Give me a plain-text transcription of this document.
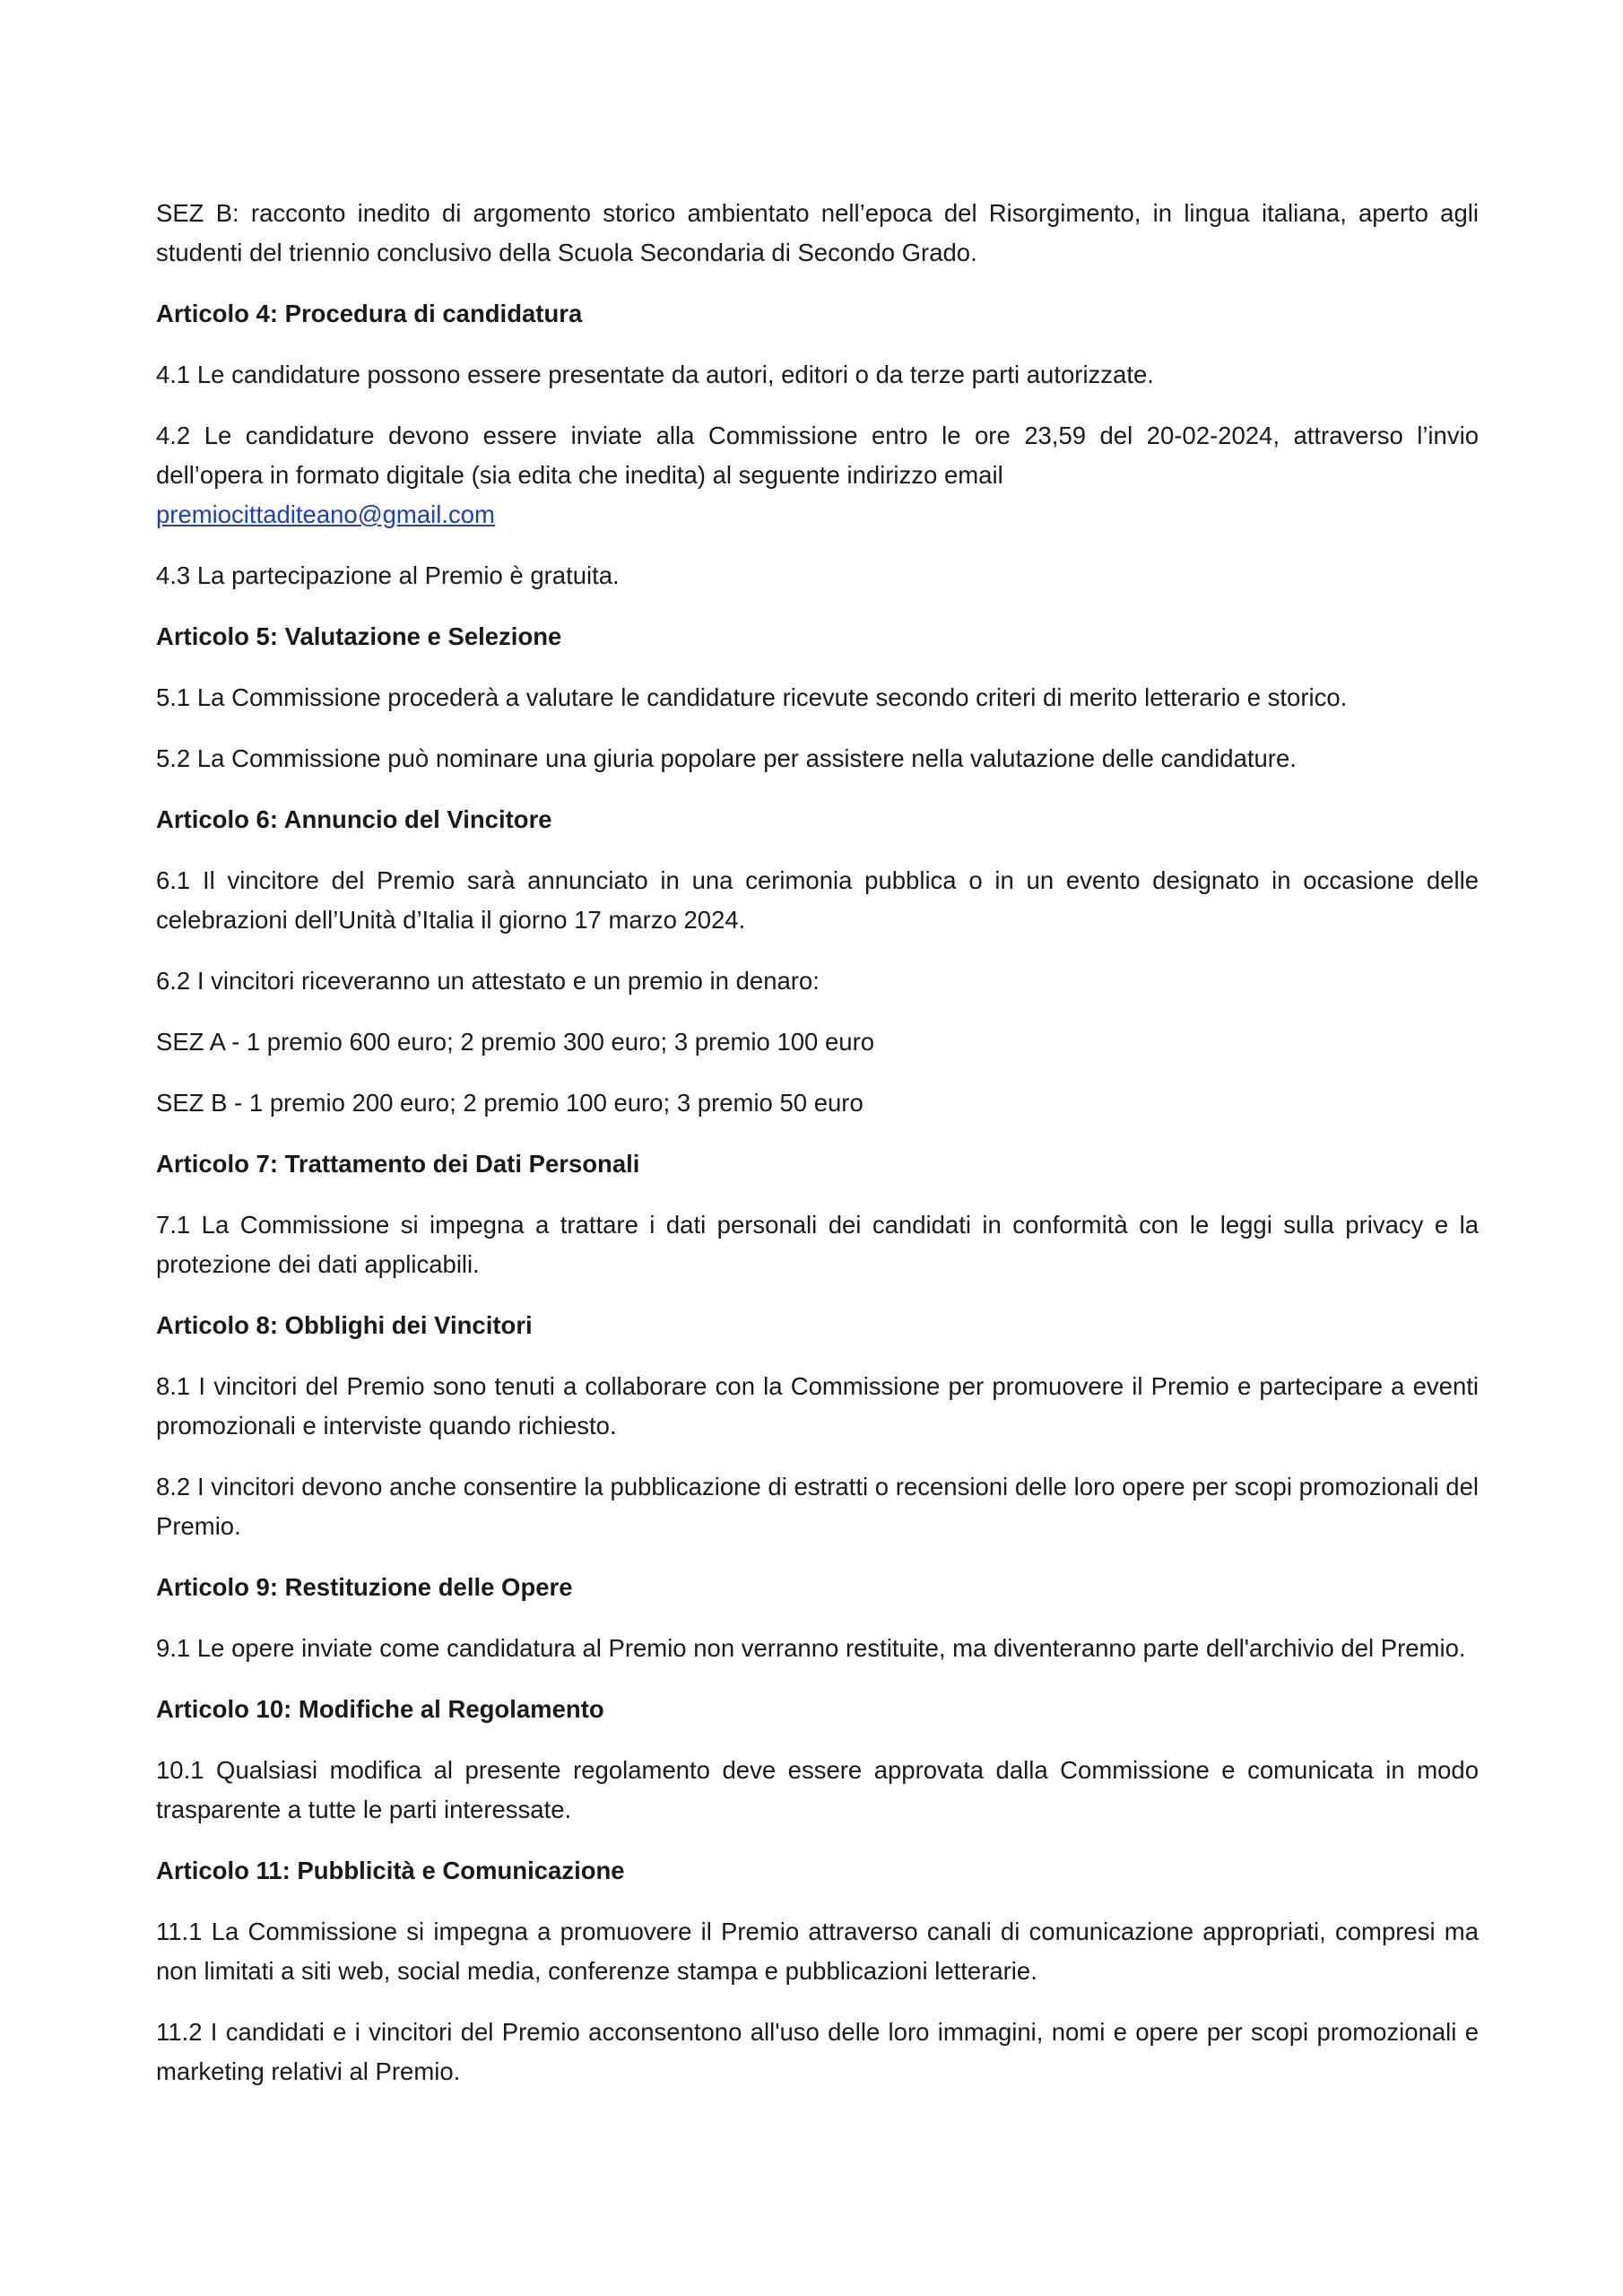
SEZ B: racconto inedito di argomento storico ambientato nell’epoca del Risorgimento, in lingua italiana, aperto agli studenti del triennio conclusivo della Scuola Secondaria di Secondo Grado.

Articolo 4: Procedura di candidatura

4.1 Le candidature possono essere presentate da autori, editori o da terze parti autorizzate.

4.2 Le candidature devono essere inviate alla Commissione entro le ore 23,59 del 20-02-2024, attraverso l’invio dell’opera in formato digitale (sia edita che inedita) al seguente indirizzo email
premiocittaditeano@gmail.com

4.3 La partecipazione al Premio è gratuita.

Articolo 5: Valutazione e Selezione

5.1 La Commissione procederà a valutare le candidature ricevute secondo criteri di merito letterario e storico.

5.2 La Commissione può nominare una giuria popolare per assistere nella valutazione delle candidature.

Articolo 6: Annuncio del Vincitore

6.1 Il vincitore del Premio sarà annunciato in una cerimonia pubblica o in un evento designato in occasione delle celebrazioni dell’Unità d’Italia il giorno 17 marzo 2024.

6.2 I vincitori riceveranno un attestato e un premio in denaro:

SEZ A - 1 premio 600 euro; 2 premio 300 euro; 3 premio 100 euro

SEZ B - 1 premio 200 euro; 2 premio 100 euro; 3 premio 50 euro

Articolo 7: Trattamento dei Dati Personali

7.1 La Commissione si impegna a trattare i dati personali dei candidati in conformità con le leggi sulla privacy e la protezione dei dati applicabili.

Articolo 8: Obblighi dei Vincitori

8.1 I vincitori del Premio sono tenuti a collaborare con la Commissione per promuovere il Premio e partecipare a eventi promozionali e interviste quando richiesto.

8.2 I vincitori devono anche consentire la pubblicazione di estratti o recensioni delle loro opere per scopi promozionali del Premio.

Articolo 9: Restituzione delle Opere

9.1 Le opere inviate come candidatura al Premio non verranno restituite, ma diventeranno parte dell'archivio del Premio.

Articolo 10: Modifiche al Regolamento

10.1 Qualsiasi modifica al presente regolamento deve essere approvata dalla Commissione e comunicata in modo trasparente a tutte le parti interessate.

Articolo 11: Pubblicità e Comunicazione

11.1 La Commissione si impegna a promuovere il Premio attraverso canali di comunicazione appropriati, compresi ma non limitati a siti web, social media, conferenze stampa e pubblicazioni letterarie.

11.2 I candidati e i vincitori del Premio acconsentono all'uso delle loro immagini, nomi e opere per scopi promozionali e marketing relativi al Premio.
